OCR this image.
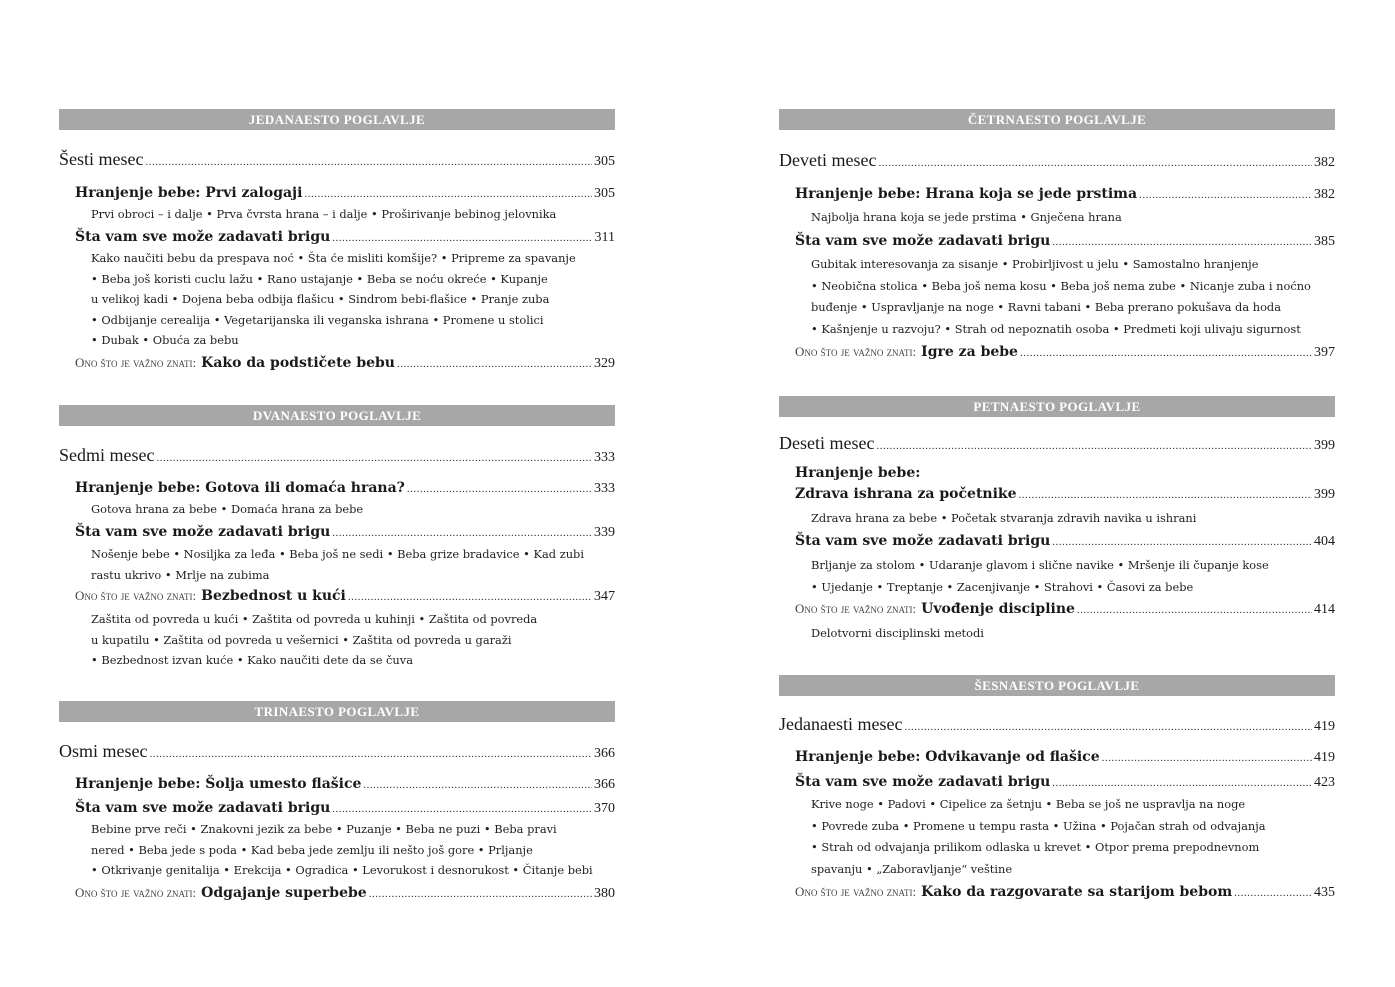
JEDANAESTO POGLAVLJE
Šesti mesec .....	305
Hranjenje bebe: Prvi zalogaji .....	305
Prvi obroci – i dalje • Prva čvrsta hrana – i dalje • Proširivanje bebinog jelovnika
Šta vam sve može zadavati brigu .....	311
Kako naučiti bebu da prespava noć • Šta će misliti komšije? • Pripreme za spavanje
• Beba još koristi cuclu lažu • Rano ustajanje • Beba se noću okreće • Kupanje
u velikoj kadi • Dojena beba odbija flašicu • Sindrom bebi-flašice • Pranje zuba
• Odbijanje cerealija • Vegetarijanska ili veganska ishrana • Promene u stolici
• Dubak • Obuća za bebu
Ono što je važno znati: Kako da podstičete bebu .....	329
DVANAESTO POGLAVLJE
Sedmi mesec .....	333
Hranjenje bebe: Gotova ili domaća hrana? .....	333
Gotova hrana za bebe • Domaća hrana za bebe
Šta vam sve može zadavati brigu .....	339
Nošenje bebe • Nosiljka za leđa • Beba još ne sedi • Beba grize bradavice • Kad zubi
rastu ukrivo • Mrlje na zubima
Ono što je važno znati: Bezbednost u kući .....	347
Zaštita od povreda u kući • Zaštita od povreda u kuhinji • Zaštita od povreda
u kupatilu • Zaštita od povreda u vešernici • Zaštita od povreda u garaži
• Bezbednost izvan kuće • Kako naučiti dete da se čuva
TRINAESTO POGLAVLJE
Osmi mesec .....	366
Hranjenje bebe: Šolja umesto flašice .....	366
Šta vam sve može zadavati brigu .....	370
Bebine prve reči • Znakovni jezik za bebe • Puzanje • Beba ne puzi • Beba pravi
nered • Beba jede s poda • Kad beba jede zemlju ili nešto još gore • Prljanje
• Otkrivanje genitalija • Erekcija • Ogradica • Levorukost i desnorukost • Čitanje bebi
Ono što je važno znati: Odgajanje superbebe .....	380
ČETRNAESTO POGLAVLJE
Deveti mesec .....	382
Hranjenje bebe: Hrana koja se jede prstima .....	382
Najbolja hrana koja se jede prstima • Gnječena hrana
Šta vam sve može zadavati brigu .....	385
Gubitak interesovanja za sisanje • Probirljivost u jelu • Samostalno hranjenje
• Neobična stolica • Beba još nema kosu • Beba još nema zube • Nicanje zuba i noćno
buđenje • Uspravljanje na noge • Ravni tabani • Beba prerano pokušava da hoda
• Kašnjenje u razvoju? • Strah od nepoznatih osoba • Predmeti koji ulivaju sigurnost
Ono što je važno znati: Igre za bebe .....	397
PETNAESTO POGLAVLJE
Deseti mesec .....	399
Hranjenje bebe:
Zdrava ishrana za početnike .....	399
Zdrava hrana za bebe • Početak stvaranja zdravih navika u ishrani
Šta vam sve može zadavati brigu .....	404
Brljanje za stolom • Udaranje glavom i slične navike • Mršenje ili čupanje kose
• Ujedanje • Treptanje • Zacenjivanje • Strahovi • Časovi za bebe
Ono što je važno znati: Uvođenje discipline .....	414
Delotvorni disciplinski metodi
ŠESNAESTO POGLAVLJE
Jedanaesti mesec .....	419
Hranjenje bebe: Odvikavanje od flašice .....	419
Šta vam sve može zadavati brigu .....	423
Krive noge • Padovi • Cipelice za šetnju • Beba se još ne uspravlja na noge
• Povrede zuba • Promene u tempu rasta • Užina • Pojačan strah od odvajanja
• Strah od odvajanja prilikom odlaska u krevet • Otpor prema prepodnevnom
spavanju • „Zaboravljanje“ veštine
Ono što je važno znati: Kako da razgovarate sa starijom bebom .....	435
